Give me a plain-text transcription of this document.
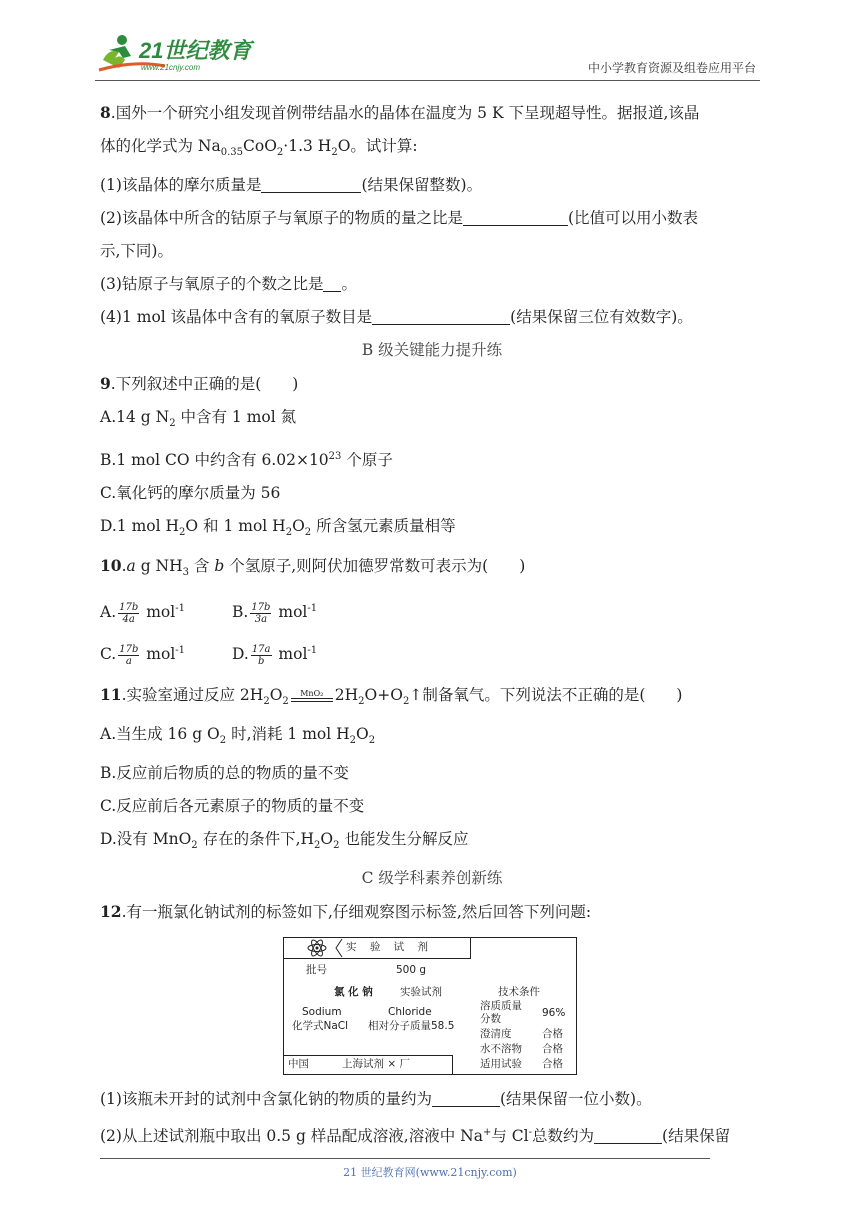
21世纪教育
www.21cnjy.com	中小学教育资源及组卷应用平台
8.国外一个研究小组发现首例带结晶水的晶体在温度为 5 K 下呈现超导性。据报道,该晶
体的化学式为 $Na_{0.35}CoO_2\cdot 1.3$ $H_2O$。试计算:
(1)该晶体的摩尔质量是	(结果保留整数)。
(2)该晶体中所含的钴原子与氧原子的物质的量之比是	(比值可以用小数表
示,下同)。
(3)钴原子与氧原子的个数之比是 。
(4)1 mol 该晶体中含有的氧原子数目是	(结果保留三位有效数字)。
B 级关键能力提升练
9.下列叙述中正确的是(　　)
A.14 g $N_2$ 中含有 1 mol 氮
B.1 mol CO 中约含有 $6.02\times 10^{23}$ 个原子
C.氧化钙的摩尔质量为 56
D.1 mol $H_2O$ 和 1 mol $H_2O_2$ 所含氢元素质量相等
10.a g $NH_3$ 含 b 个氢原子,则阿伏加德罗常数可表示为(　　)
A. $\frac{17b}{4a} mol^{-1}$	B. $\frac{17b}{3a} mol^{-1}$
C. $\frac{17b}{a} mol^{-1}$	D. $\frac{17a}{b} mol^{-1}$
11.实验室通过反应 $2H_2O_2$
MnO₂ $2H_2O+O_2↑$制备氧气。下列说法不正确的是(　　)
A.当生成 16 g $O_2$ 时,消耗 1 mol $H_2O_2$
B.反应前后物质的总的物质的量不变
C.反应前后各元素原子的物质的量不变
D.没有 MnO$_2$ 存在的条件下$,H_2O_2$ 也能发生分解反应
C 级学科素养创新练
12.有一瓶氯化钠试剂的标签如下,仔细观察图示标签,然后回答下列问题:
实 验 试 剂
批号	500 g
氯 化 钠	实验试剂
Sodium	Chloride
化学式NaCl 相对分子质量58.5
技术条件
溶质质量
分数	96%
澄清度	合格
水不溶物 合格
适用试验 合格
中国	上海试剂 × 厂
(1)该瓶未开封的试剂中含氯化钠的物质的量约为	(结果保留一位小数)。
(2)从上述试剂瓶中取出 0.5 g 样品配成溶液,溶液中 Na+与 Cl-总数约为	(结果保留
21 世纪教育网(www.21cnjy.com)
